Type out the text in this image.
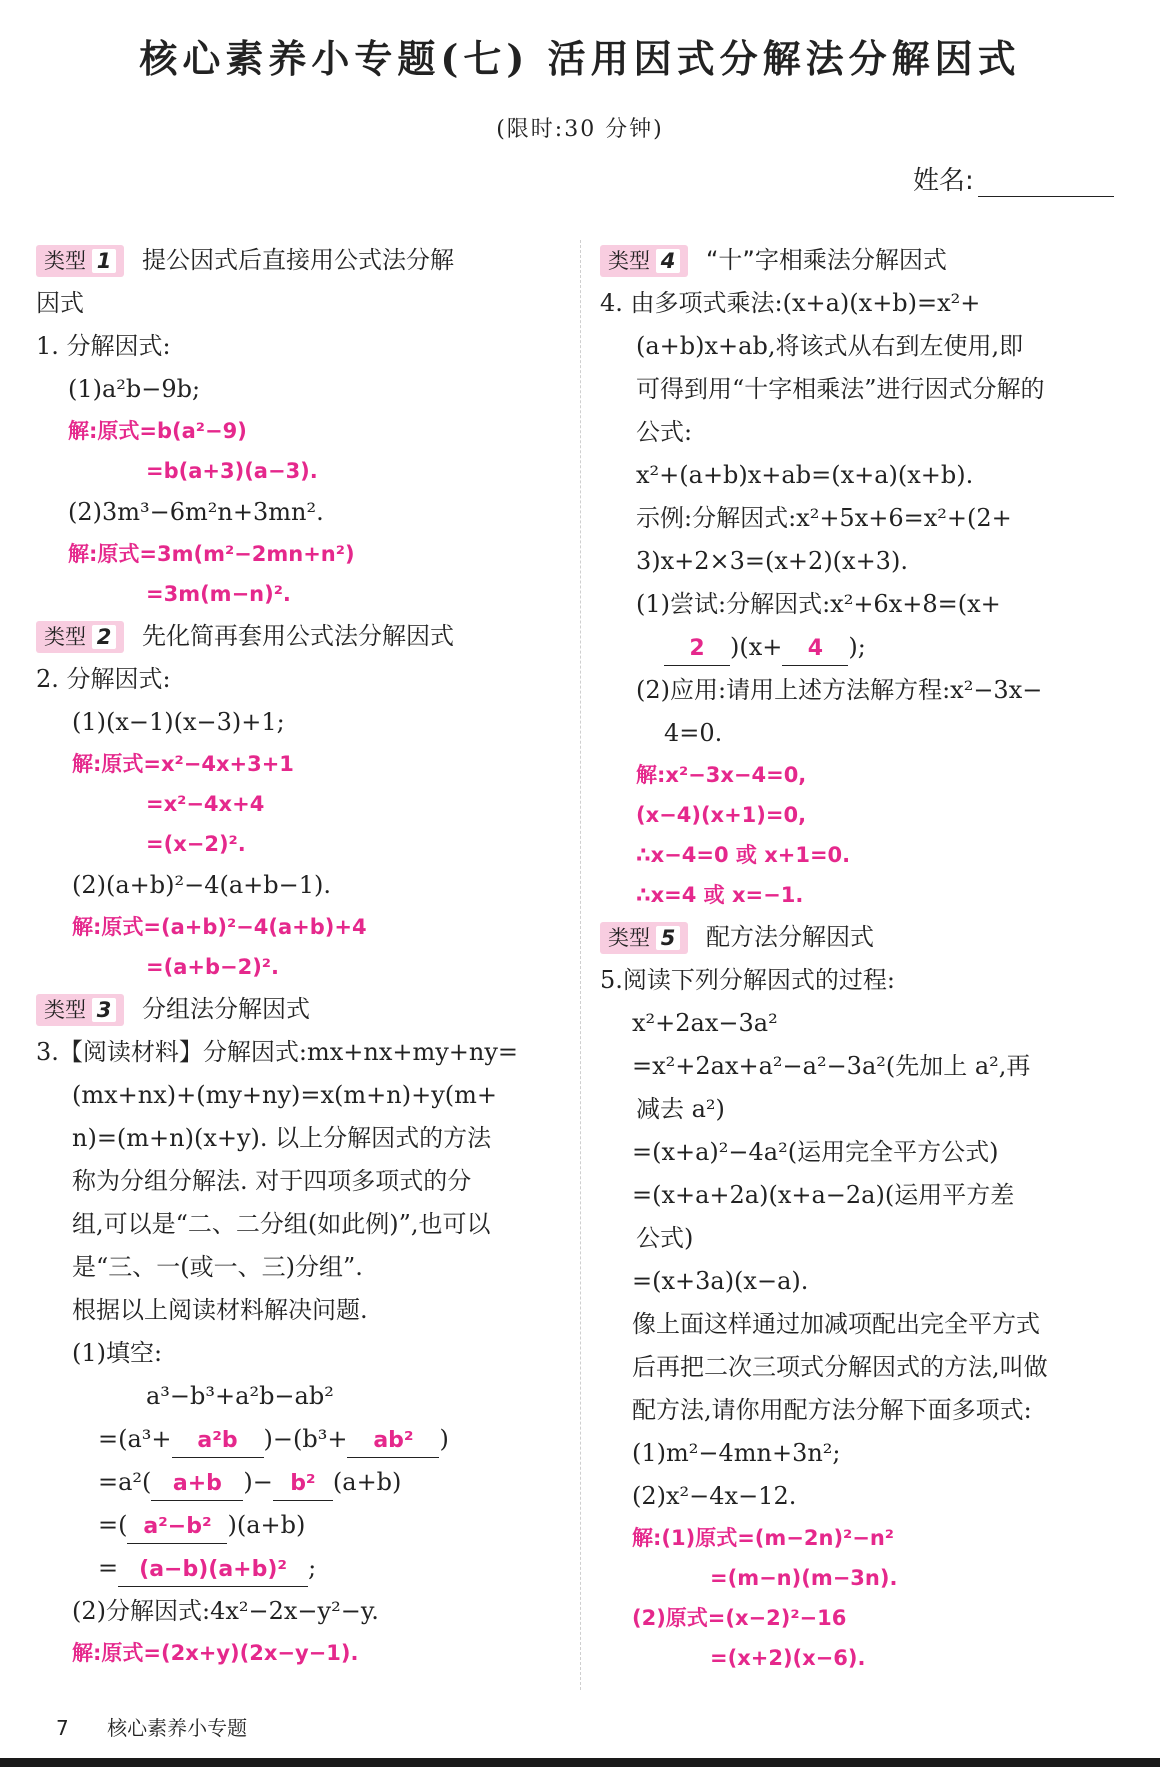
核心素养小专题(七) 活用因式分解法分解因式
(限时:30 分钟)
姓名:
类型 1 提公因式后直接用公式法分解
因式
1. 分解因式:
(1)a²b−9b;
解:原式=b(a²−9)
=b(a+3)(a−3).
(2)3m³−6m²n+3mn².
解:原式=3m(m²−2mn+n²)
=3m(m−n)².
类型 2 先化简再套用公式法分解因式
2. 分解因式:
(1)(x−1)(x−3)+1;
解:原式=x²−4x+3+1
=x²−4x+4
=(x−2)².
(2)(a+b)²−4(a+b−1).
解:原式=(a+b)²−4(a+b)+4
=(a+b−2)².
类型 3 分组法分解因式
3.【阅读材料】分解因式:mx+nx+my+ny=
(mx+nx)+(my+ny)=x(m+n)+y(m+
n)=(m+n)(x+y). 以上分解因式的方法
称为分组分解法. 对于四项多项式的分
组,可以是“二、二分组(如此例)”,也可以
是“三、一(或一、三)分组”.
根据以上阅读材料解决问题.
(1)填空:
a³−b³+a²b−ab²
=(a³+ a²b )−(b³+ ab² )
=a²( a+b )− b² (a+b)
=( a²−b² )(a+b)
= (a−b)(a+b)² ;
(2)分解因式:4x²−2x−y²−y.
解:原式=(2x+y)(2x−y−1).
类型 4 “十”字相乘法分解因式
4. 由多项式乘法:(x+a)(x+b)=x²+
(a+b)x+ab,将该式从右到左使用,即
可得到用“十字相乘法”进行因式分解的
公式:
x²+(a+b)x+ab=(x+a)(x+b).
示例:分解因式:x²+5x+6=x²+(2+
3)x+2×3=(x+2)(x+3).
(1)尝试:分解因式:x²+6x+8=(x+
2 )(x+ 4 );
(2)应用:请用上述方法解方程:x²−3x−
4=0.
解:x²−3x−4=0,
(x−4)(x+1)=0,
∴x−4=0 或 x+1=0.
∴x=4 或 x=−1.
类型 5 配方法分解因式
5.阅读下列分解因式的过程:
x²+2ax−3a²
=x²+2ax+a²−a²−3a²(先加上 a²,再
减去 a²)
=(x+a)²−4a²(运用完全平方公式)
=(x+a+2a)(x+a−2a)(运用平方差
公式)
=(x+3a)(x−a).
像上面这样通过加减项配出完全平方式
后再把二次三项式分解因式的方法,叫做
配方法,请你用配方法分解下面多项式:
(1)m²−4mn+3n²;
(2)x²−4x−12.
解:(1)原式=(m−2n)²−n²
=(m−n)(m−3n).
(2)原式=(x−2)²−16
=(x+2)(x−6).
7 核心素养小专题
